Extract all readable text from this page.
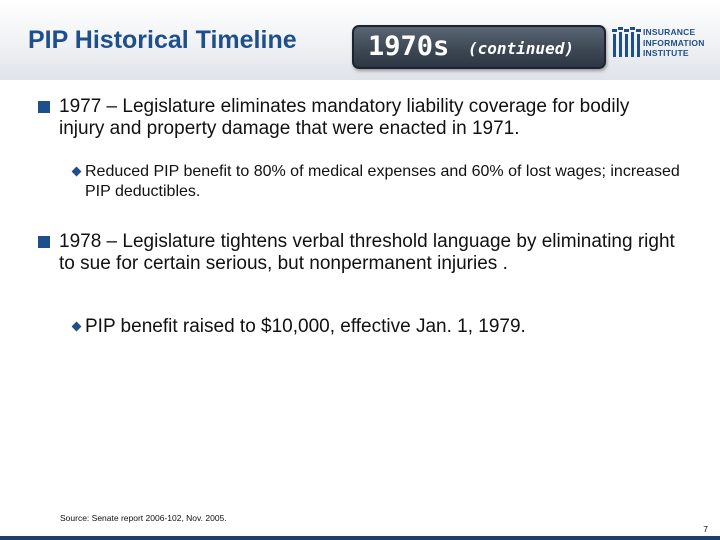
PIP Historical Timeline	1970s (continued)
INSURANCE
INFORMATION
INSTITUTE
1977 – Legislature eliminates mandatory liability coverage for bodily injury and property damage that were enacted in 1971.
Reduced PIP benefit to 80% of medical expenses and 60% of lost wages; increased PIP deductibles.
1978 – Legislature tightens verbal threshold language by eliminating right to sue for certain serious, but nonpermanent injuries .
PIP benefit raised to $10,000, effective Jan. 1, 1979.
Source: Senate report 2006-102, Nov. 2005.
7
